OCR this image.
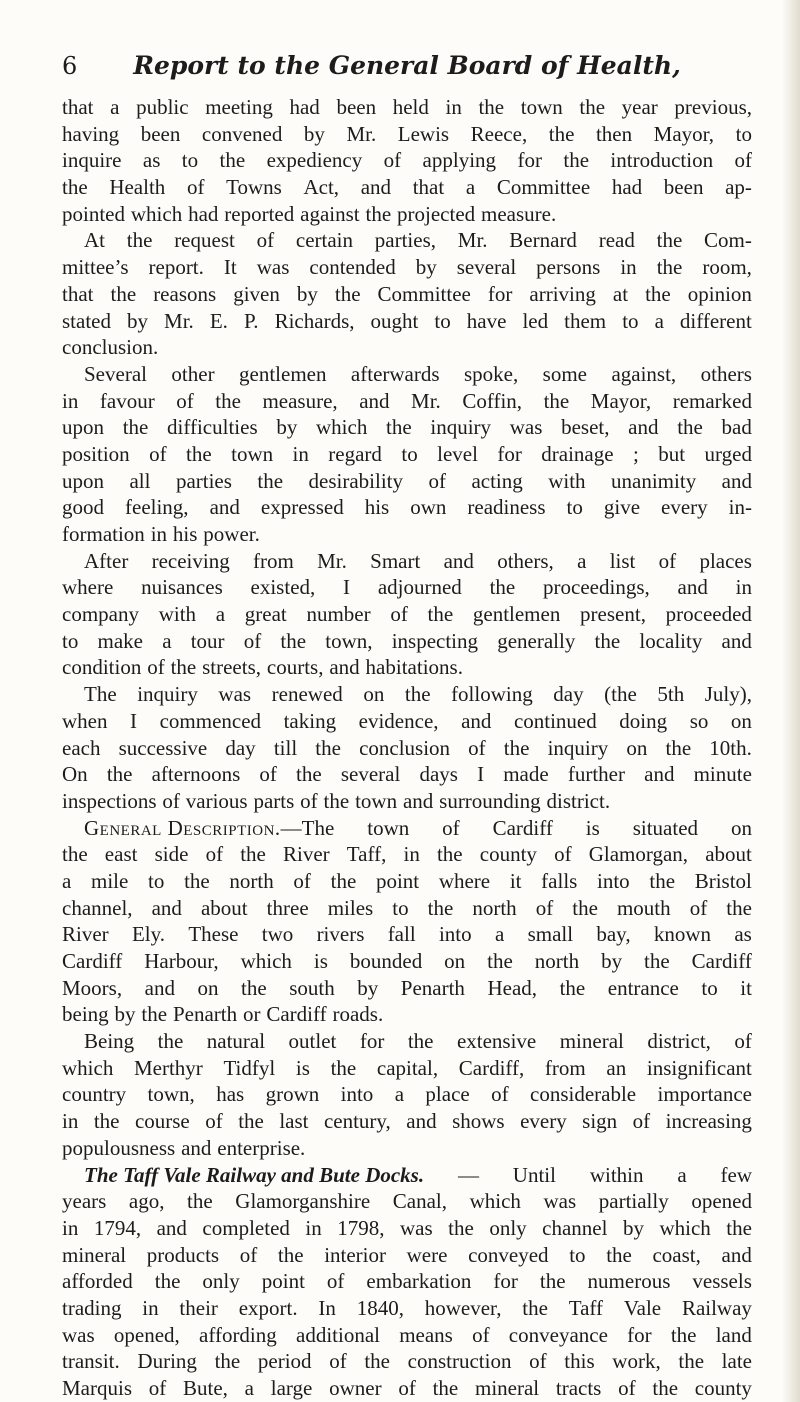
6	Report to the General Board of Health,
that a public meeting had been held in the town the year previous,
having been convened by Mr. Lewis Reece, the then Mayor, to
inquire as to the expediency of applying for the introduction of
the Health of Towns Act, and that a Committee had been ap-
pointed which had reported against the projected measure.
At the request of certain parties, Mr. Bernard read the Com-
mittee’s report. It was contended by several persons in the room,
that the reasons given by the Committee for arriving at the opinion
stated by Mr. E. P. Richards, ought to have led them to a different
conclusion.
Several other gentlemen afterwards spoke, some against, others
in favour of the measure, and Mr. Coffin, the Mayor, remarked
upon the difficulties by which the inquiry was beset, and the bad
position of the town in regard to level for drainage ; but urged
upon all parties the desirability of acting with unanimity and
good feeling, and expressed his own readiness to give every in-
formation in his power.
After receiving from Mr. Smart and others, a list of places
where nuisances existed, I adjourned the proceedings, and in
company with a great number of the gentlemen present, proceeded
to make a tour of the town, inspecting generally the locality and
condition of the streets, courts, and habitations.
The inquiry was renewed on the following day (the 5th July),
when I commenced taking evidence, and continued doing so on
each successive day till the conclusion of the inquiry on the 10th.
On the afternoons of the several days I made further and minute
inspections of various parts of the town and surrounding district.
General Description.—The town of Cardiff is situated on
the east side of the River Taff, in the county of Glamorgan, about
a mile to the north of the point where it falls into the Bristol
channel, and about three miles to the north of the mouth of the
River Ely. These two rivers fall into a small bay, known as
Cardiff Harbour, which is bounded on the north by the Cardiff
Moors, and on the south by Penarth Head, the entrance to it
being by the Penarth or Cardiff roads.
Being the natural outlet for the extensive mineral district, of
which Merthyr Tidfyl is the capital, Cardiff, from an insignificant
country town, has grown into a place of considerable importance
in the course of the last century, and shows every sign of increasing
populousness and enterprise.
The Taff Vale Railway and Bute Docks. — Until within a few
years ago, the Glamorganshire Canal, which was partially opened
in 1794, and completed in 1798, was the only channel by which the
mineral products of the interior were conveyed to the coast, and
afforded the only point of embarkation for the numerous vessels
trading in their export. In 1840, however, the Taff Vale Railway
was opened, affording additional means of conveyance for the land
transit. During the period of the construction of this work, the late
Marquis of Bute, a large owner of the mineral tracts of the county
